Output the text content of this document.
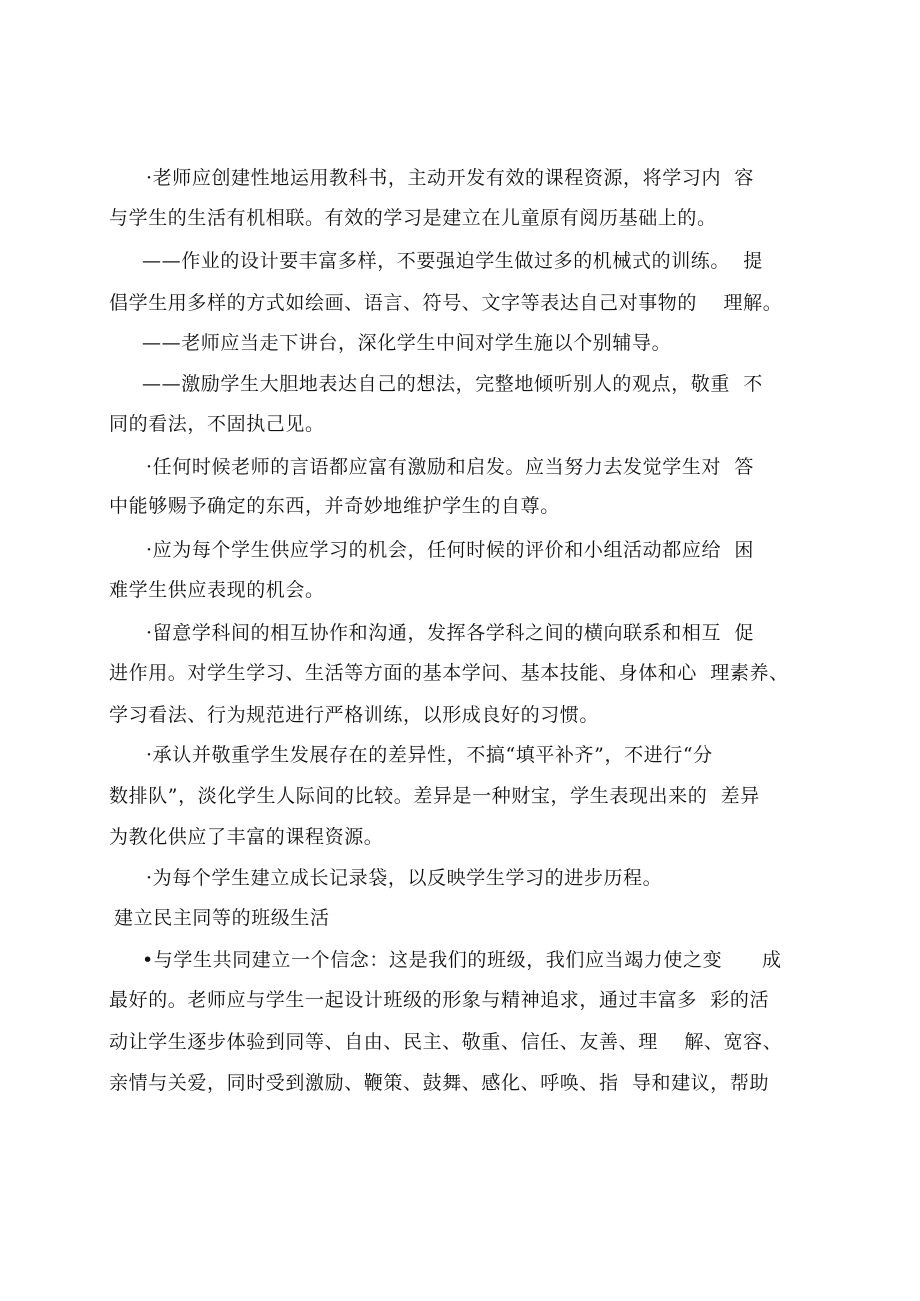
·老师应创建性地运用教科书，主动开发有效的课程资源，将学习内  容
与学生的生活有机相联。有效的学习是建立在儿童原有阅历基础上的。
——作业的设计要丰富多样，不要强迫学生做过多的机械式的训练。  提
倡学生用多样的方式如绘画、语言、符号、文字等表达自己对事物的    理解。
——老师应当走下讲台，深化学生中间对学生施以个别辅导。
——激励学生大胆地表达自己的想法，完整地倾听别人的观点，敬重  不
同的看法，不固执己见。
·任何时候老师的言语都应富有激励和启发。应当努力去发觉学生对  答
中能够赐予确定的东西，并奇妙地维护学生的自尊。
·应为每个学生供应学习的机会，任何时候的评价和小组活动都应给  困
难学生供应表现的机会。
·留意学科间的相互协作和沟通，发挥各学科之间的横向联系和相互  促
进作用。对学生学习、生活等方面的基本学问、基本技能、身体和心  理素养、
学习看法、行为规范进行严格训练，以形成良好的习惯。
·承认并敬重学生发展存在的差异性，不搞“填平补齐”，不进行“分
数排队”，淡化学生人际间的比较。差异是一种财宝，学生表现出来的  差异
为教化供应了丰富的课程资源。
·为每个学生建立成长记录袋，以反映学生学习的进步历程。
建立民主同等的班级生活
•与学生共同建立一个信念：这是我们的班级，我们应当竭力使之变      成
最好的。老师应与学生一起设计班级的形象与精神追求，通过丰富多  彩的活
动让学生逐步体验到同等、自由、民主、敬重、信任、友善、理    解、宽容、
亲情与关爱，同时受到激励、鞭策、鼓舞、感化、呼唤、指  导和建议，帮助
